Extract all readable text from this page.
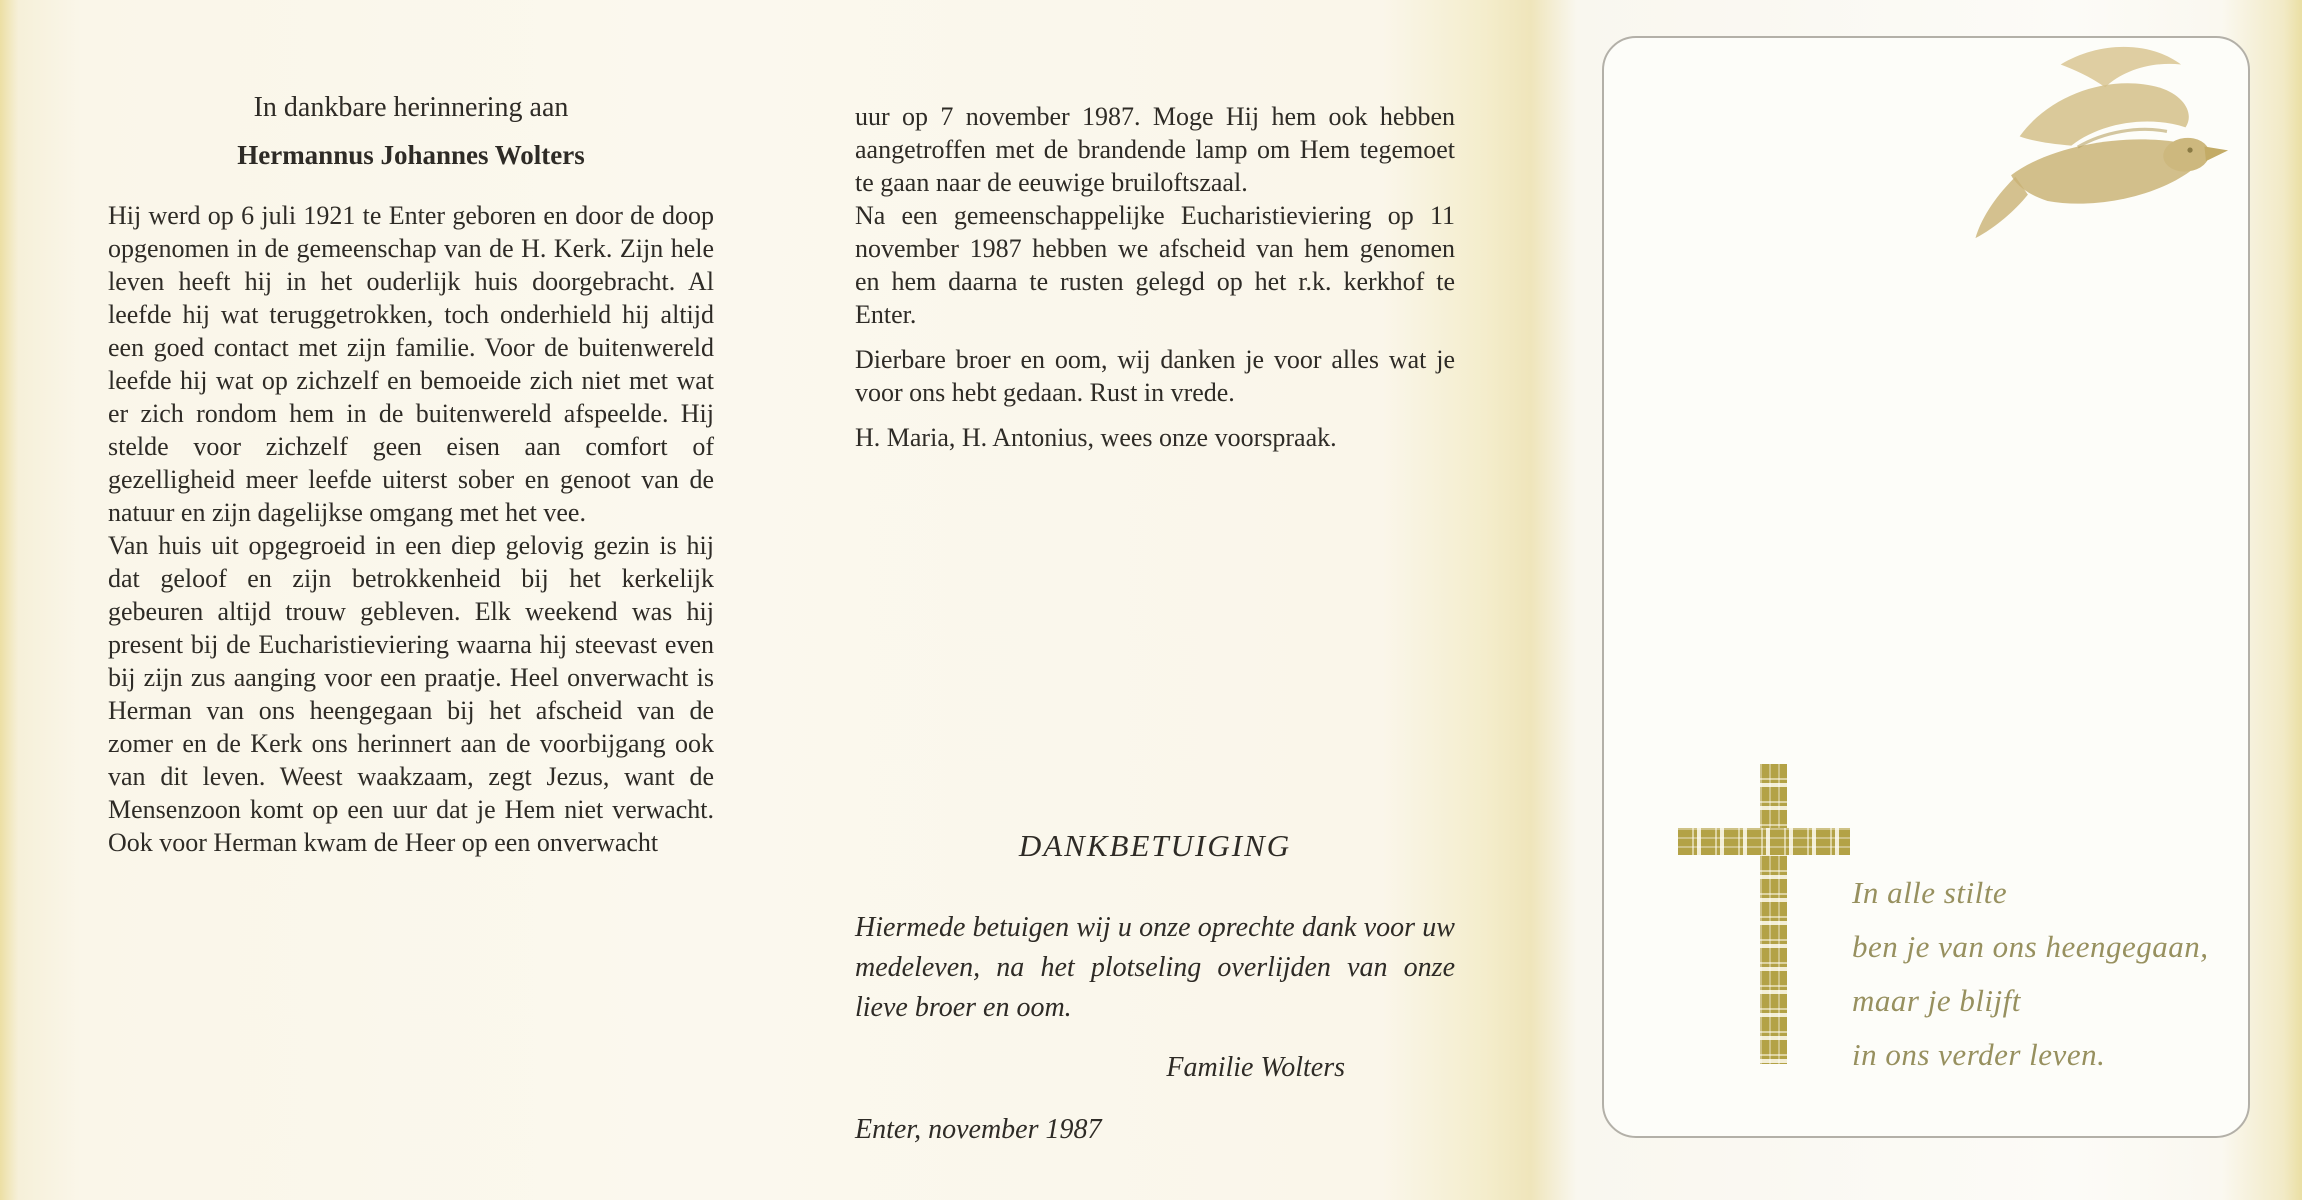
In dankbare herinnering aan
Hermannus Johannes Wolters

Hij werd op 6 juli 1921 te Enter geboren en door de doop opgenomen in de gemeenschap van de H. Kerk. Zijn hele leven heeft hij in het ouderlijk huis doorgebracht. Al leefde hij wat teruggetrokken, toch onderhield hij altijd een goed contact met zijn familie. Voor de buitenwereld leefde hij wat op zichzelf en bemoeide zich niet met wat er zich rondom hem in de buitenwereld afspeelde. Hij stelde voor zichzelf geen eisen aan comfort of gezelligheid meer leefde uiterst sober en genoot van de natuur en zijn dagelijkse omgang met het vee.

Van huis uit opgegroeid in een diep gelovig gezin is hij dat geloof en zijn betrokkenheid bij het kerkelijk gebeuren altijd trouw gebleven. Elk weekend was hij present bij de Eucharistieviering waarna hij steevast even bij zijn zus aanging voor een praatje. Heel onverwacht is Herman van ons heengegaan bij het afscheid van de zomer en de Kerk ons herinnert aan de voorbijgang ook van dit leven. Weest waakzaam, zegt Jezus, want de Mensenzoon komt op een uur dat je Hem niet verwacht. Ook voor Herman kwam de Heer op een onverwacht

uur op 7 november 1987. Moge Hij hem ook hebben aangetroffen met de brandende lamp om Hem tegemoet te gaan naar de eeuwige bruiloftszaal.

Na een gemeenschappelijke Eucharistieviering op 11 november 1987 hebben we afscheid van hem genomen en hem daarna te rusten gelegd op het r.k. kerkhof te Enter.

Dierbare broer en oom, wij danken je voor alles wat je voor ons hebt gedaan. Rust in vrede.

H. Maria, H. Antonius, wees onze voorspraak.

DANKBETUIGING

Hiermede betuigen wij u onze oprechte dank voor uw medeleven, na het plotseling overlijden van onze lieve broer en oom.

Familie Wolters
Enter, november 1987
In alle stilte
ben je van ons heengegaan,
maar je blijft
in ons verder leven.
